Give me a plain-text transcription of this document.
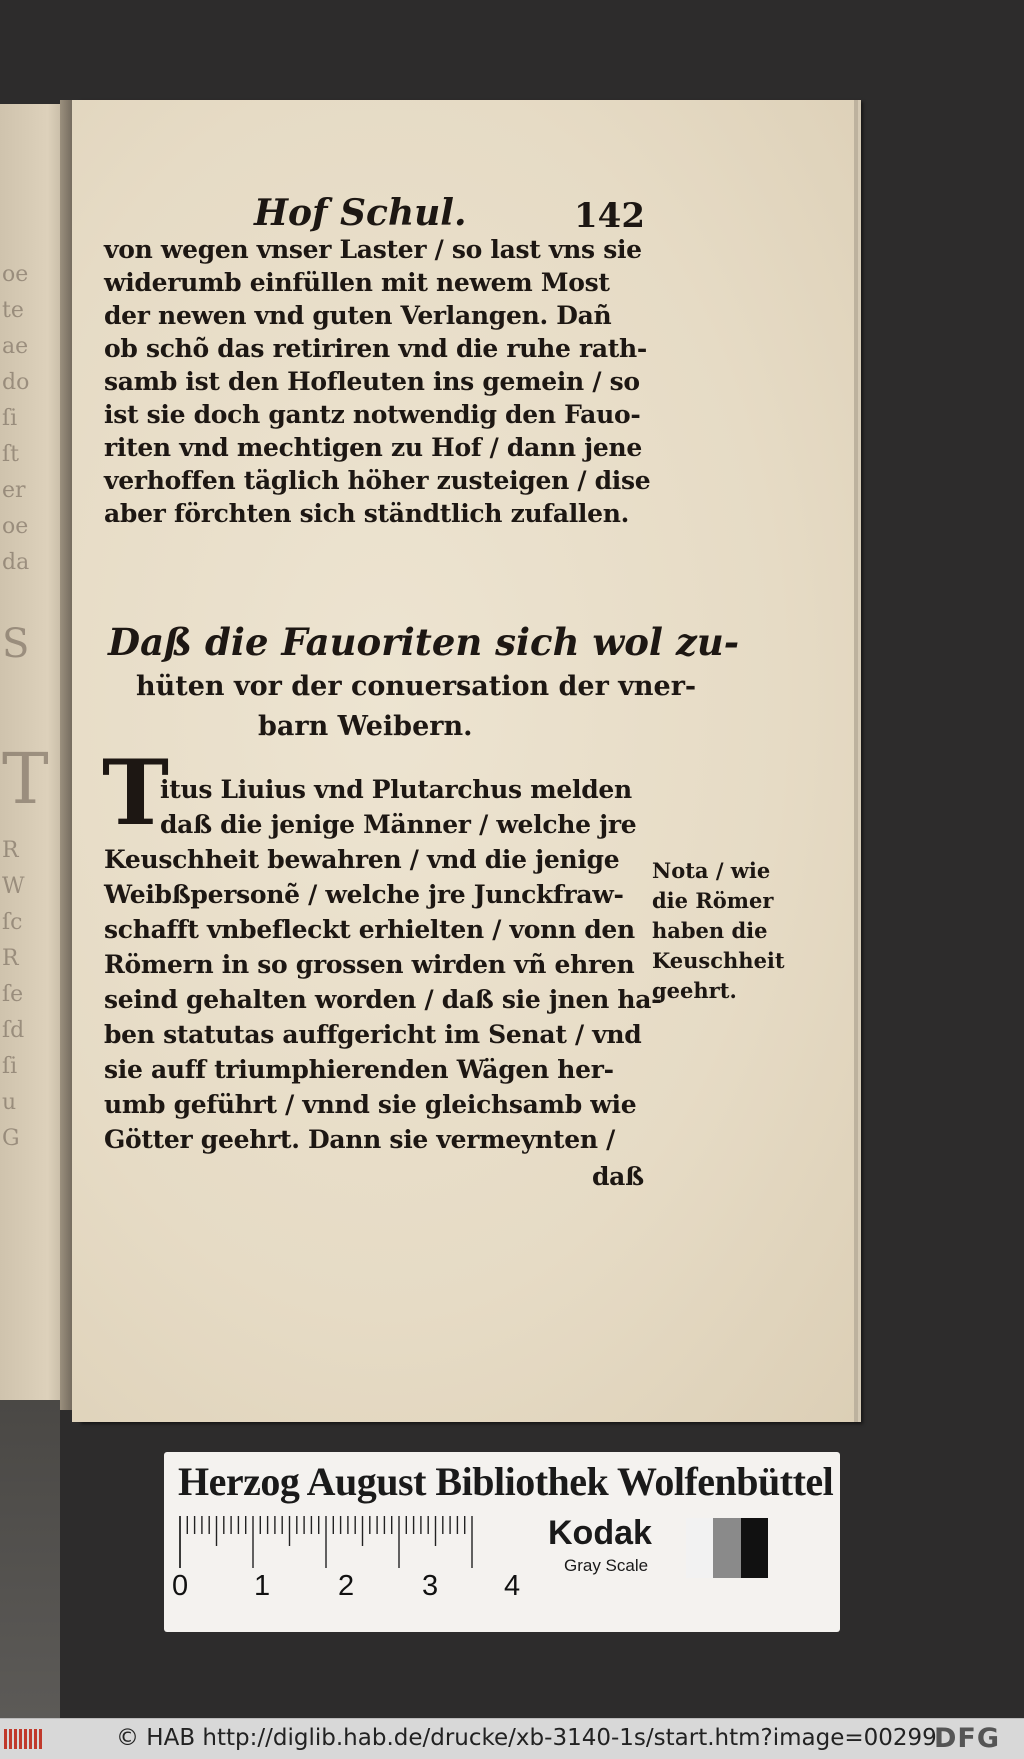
oe
te
ae
do
ſi
ſt
er
oe
da
S
T
R
W
ſc
R
ſe
ſd
ſi
u
G
Hof Schul.	142
von wegen vnser Laster / so last vns sie
widerumb einfüllen mit newem Most
der newen vnd guten Verlangen. Dañ
ob schõ das retiriren vnd die ruhe rath-
samb ist den Hofleuten ins gemein / so
ist sie doch gantz notwendig den Fauo-
riten vnd mechtigen zu Hof / dann jene
verhoffen täglich höher zusteigen / dise
aber förchten sich ständtlich zufallen.
Daß die Fauoriten sich wol zu-
hüten vor der conuersation der vner-
barn Weibern.
T
itus Liuius vnd Plutarchus melden
daß die jenige Männer / welche jre
Keuschheit bewahren / vnd die jenige
Weibßpersonẽ / welche jre Junckfraw-
schafft vnbefleckt erhielten / vonn den
Römern in so grossen wirden vñ ehren
seind gehalten worden / daß sie jnen ha-
ben statutas auffgericht im Senat / vnd
sie auff triumphierenden Wägen her-
umb geführt / vnnd sie gleichsamb wie
Götter geehrt. Dann sie vermeynten /
daß
Nota / wie
die Römer
haben die
Keuschheit
geehrt.
Herzog August Bibliothek Wolfenbüttel
0 1 2 3 4
Kodak
Gray Scale
© HAB http://diglib.hab.de/drucke/xb-3140-1s/start.htm?image=00299
DFG
